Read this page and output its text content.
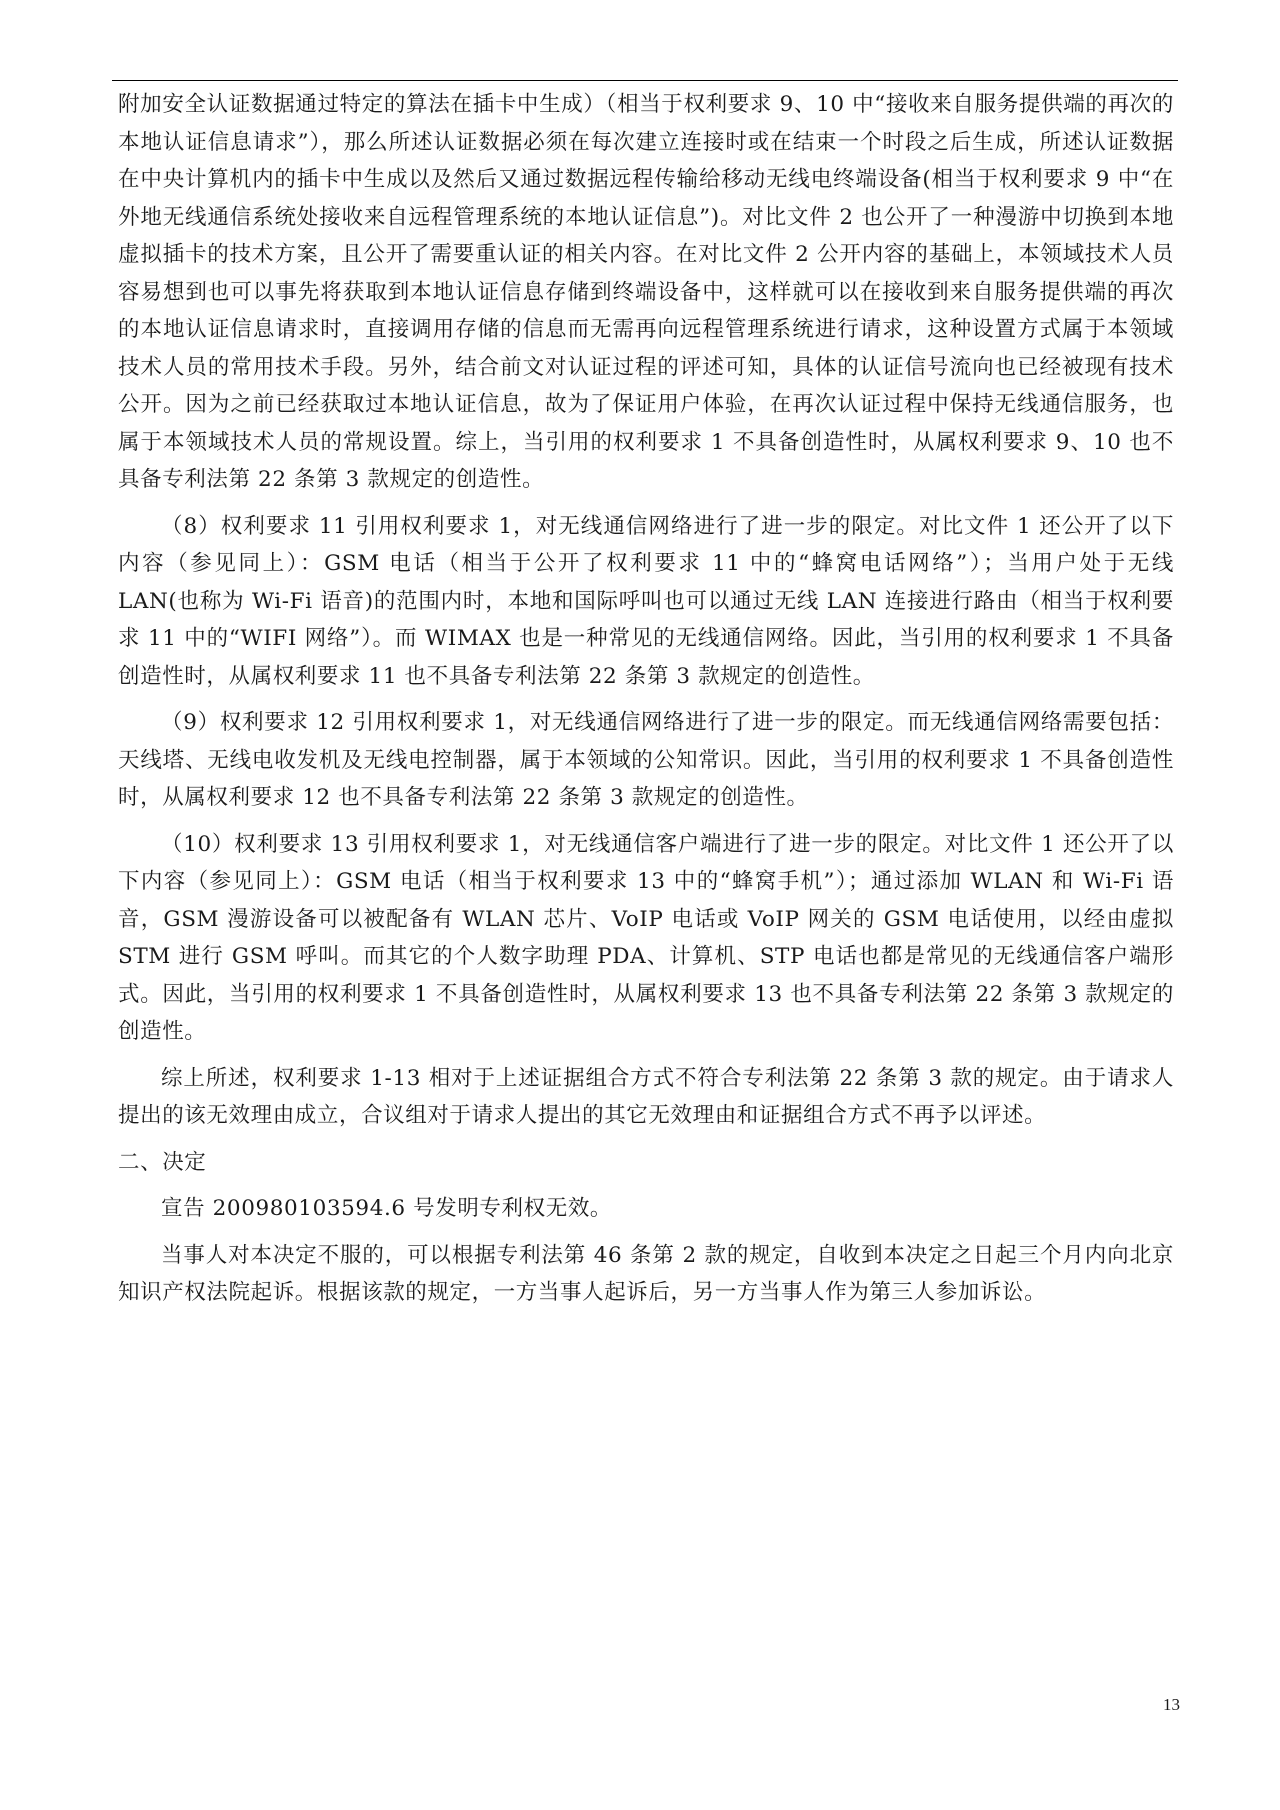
附加安全认证数据通过特定的算法在插卡中生成）（相当于权利要求 9、10 中“接收来自服务提供端的再次的本地认证信息请求”），那么所述认证数据必须在每次建立连接时或在结束一个时段之后生成，所述认证数据在中央计算机内的插卡中生成以及然后又通过数据远程传输给移动无线电终端设备(相当于权利要求 9 中“在外地无线通信系统处接收来自远程管理系统的本地认证信息”)。对比文件 2 也公开了一种漫游中切换到本地虚拟插卡的技术方案，且公开了需要重认证的相关内容。在对比文件 2 公开内容的基础上，本领域技术人员容易想到也可以事先将获取到本地认证信息存储到终端设备中，这样就可以在接收到来自服务提供端的再次的本地认证信息请求时，直接调用存储的信息而无需再向远程管理系统进行请求，这种设置方式属于本领域技术人员的常用技术手段。另外，结合前文对认证过程的评述可知，具体的认证信号流向也已经被现有技术公开。因为之前已经获取过本地认证信息，故为了保证用户体验，在再次认证过程中保持无线通信服务，也属于本领域技术人员的常规设置。综上，当引用的权利要求 1 不具备创造性时，从属权利要求 9、10 也不具备专利法第 22 条第 3 款规定的创造性。

（8）权利要求 11 引用权利要求 1，对无线通信网络进行了进一步的限定。对比文件 1 还公开了以下内容（参见同上）：GSM 电话（相当于公开了权利要求 11 中的“蜂窝电话网络”）；当用户处于无线 LAN(也称为 Wi-Fi 语音)的范围内时，本地和国际呼叫也可以通过无线 LAN 连接进行路由（相当于权利要求 11 中的“WIFI 网络”）。而 WIMAX 也是一种常见的无线通信网络。因此，当引用的权利要求 1 不具备创造性时，从属权利要求 11 也不具备专利法第 22 条第 3 款规定的创造性。

（9）权利要求 12 引用权利要求 1，对无线通信网络进行了进一步的限定。而无线通信网络需要包括：天线塔、无线电收发机及无线电控制器，属于本领域的公知常识。因此，当引用的权利要求 1 不具备创造性时，从属权利要求 12 也不具备专利法第 22 条第 3 款规定的创造性。

（10）权利要求 13 引用权利要求 1，对无线通信客户端进行了进一步的限定。对比文件 1 还公开了以下内容（参见同上）：GSM 电话（相当于权利要求 13 中的“蜂窝手机”）；通过添加 WLAN 和 Wi-Fi 语音，GSM 漫游设备可以被配备有 WLAN 芯片、VoIP 电话或 VoIP 网关的 GSM 电话使用，以经由虚拟 STM 进行 GSM 呼叫。而其它的个人数字助理 PDA、计算机、STP 电话也都是常见的无线通信客户端形式。因此，当引用的权利要求 1 不具备创造性时，从属权利要求 13 也不具备专利法第 22 条第 3 款规定的创造性。

综上所述，权利要求 1-13 相对于上述证据组合方式不符合专利法第 22 条第 3 款的规定。由于请求人提出的该无效理由成立，合议组对于请求人提出的其它无效理由和证据组合方式不再予以评述。

二、决定

宣告 200980103594.6 号发明专利权无效。

当事人对本决定不服的，可以根据专利法第 46 条第 2 款的规定，自收到本决定之日起三个月内向北京知识产权法院起诉。根据该款的规定，一方当事人起诉后，另一方当事人作为第三人参加诉讼。

13
